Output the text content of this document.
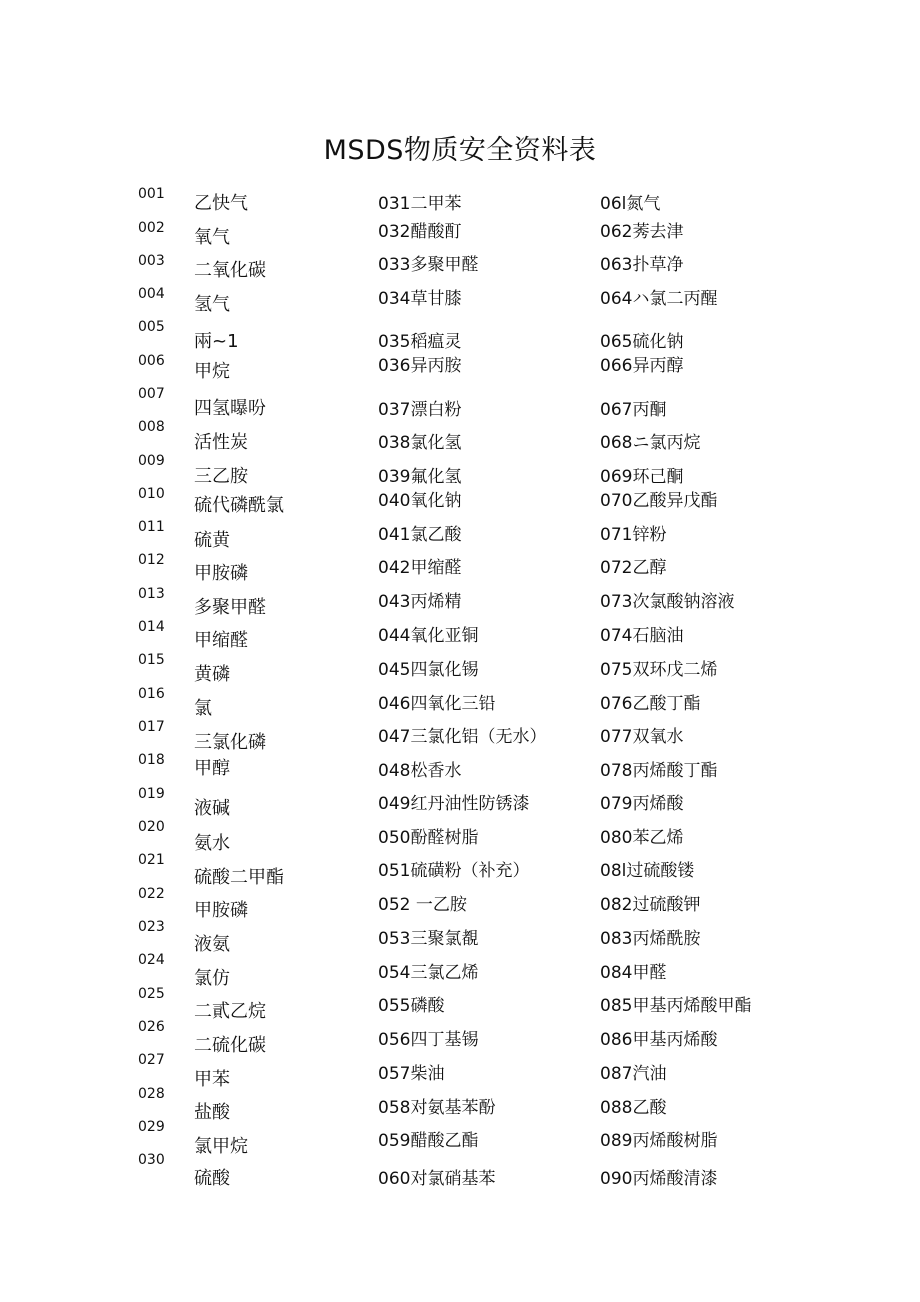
MSDS物质安全资料表
001
002
003
004
005
006
007
008
009
010
011
012
013
014
015
016
017
018
019
020
021
022
023
024
025
026
027
028
029
030
乙快气
氧气
二氧化碳
氢气
兩~1
甲烷
四氢曝吩
活性炭
三乙胺
硫代磷酰氯
硫黄
甲胺磷
多聚甲醛
甲缩醛
黄磷
氯
三氯化磷
甲醇
液碱
氨水
硫酸二甲酯
甲胺磷
液氨
氯仿
二貳乙烷
二硫化碳
甲苯
盐酸
氯甲烷
硫酸
031二甲苯
032醋酸酊
033多聚甲醛
034草甘膝
035稻瘟灵
036异丙胺
037漂白粉
038氯化氢
039氟化氢
040氧化钠
041氯乙酸
042甲缩醛
043丙烯精
044氧化亚铜
045四氯化锡
046四氧化三铅
047三氯化铝（无水）
048松香水
049红丹油性防锈漆
050酚醛树脂
051硫磺粉（补充）
052 一乙胺
053三聚氯覩
054三氯乙烯
055磷酸
056四丁基锡
057柴油
058对氨基苯酚
059醋酸乙酯
060对氯硝基苯
06l氮气
062莠去津
063扑草净
064ハ氯二丙醒
065硫化钠
066异丙醇
067丙酮
068ニ氯丙烷
069环己酮
070乙酸异戊酯
071锌粉
072乙醇
073次氯酸钠溶液
074石脑油
075双环戊二烯
076乙酸丁酯
077双氧水
078丙烯酸丁酯
079丙烯酸
080苯乙烯
08l过硫酸镂
082过硫酸钾
083丙烯酰胺
084甲醛
085甲基丙烯酸甲酯
086甲基丙烯酸
087汽油
088乙酸
089丙烯酸树脂
090丙烯酸清漆
